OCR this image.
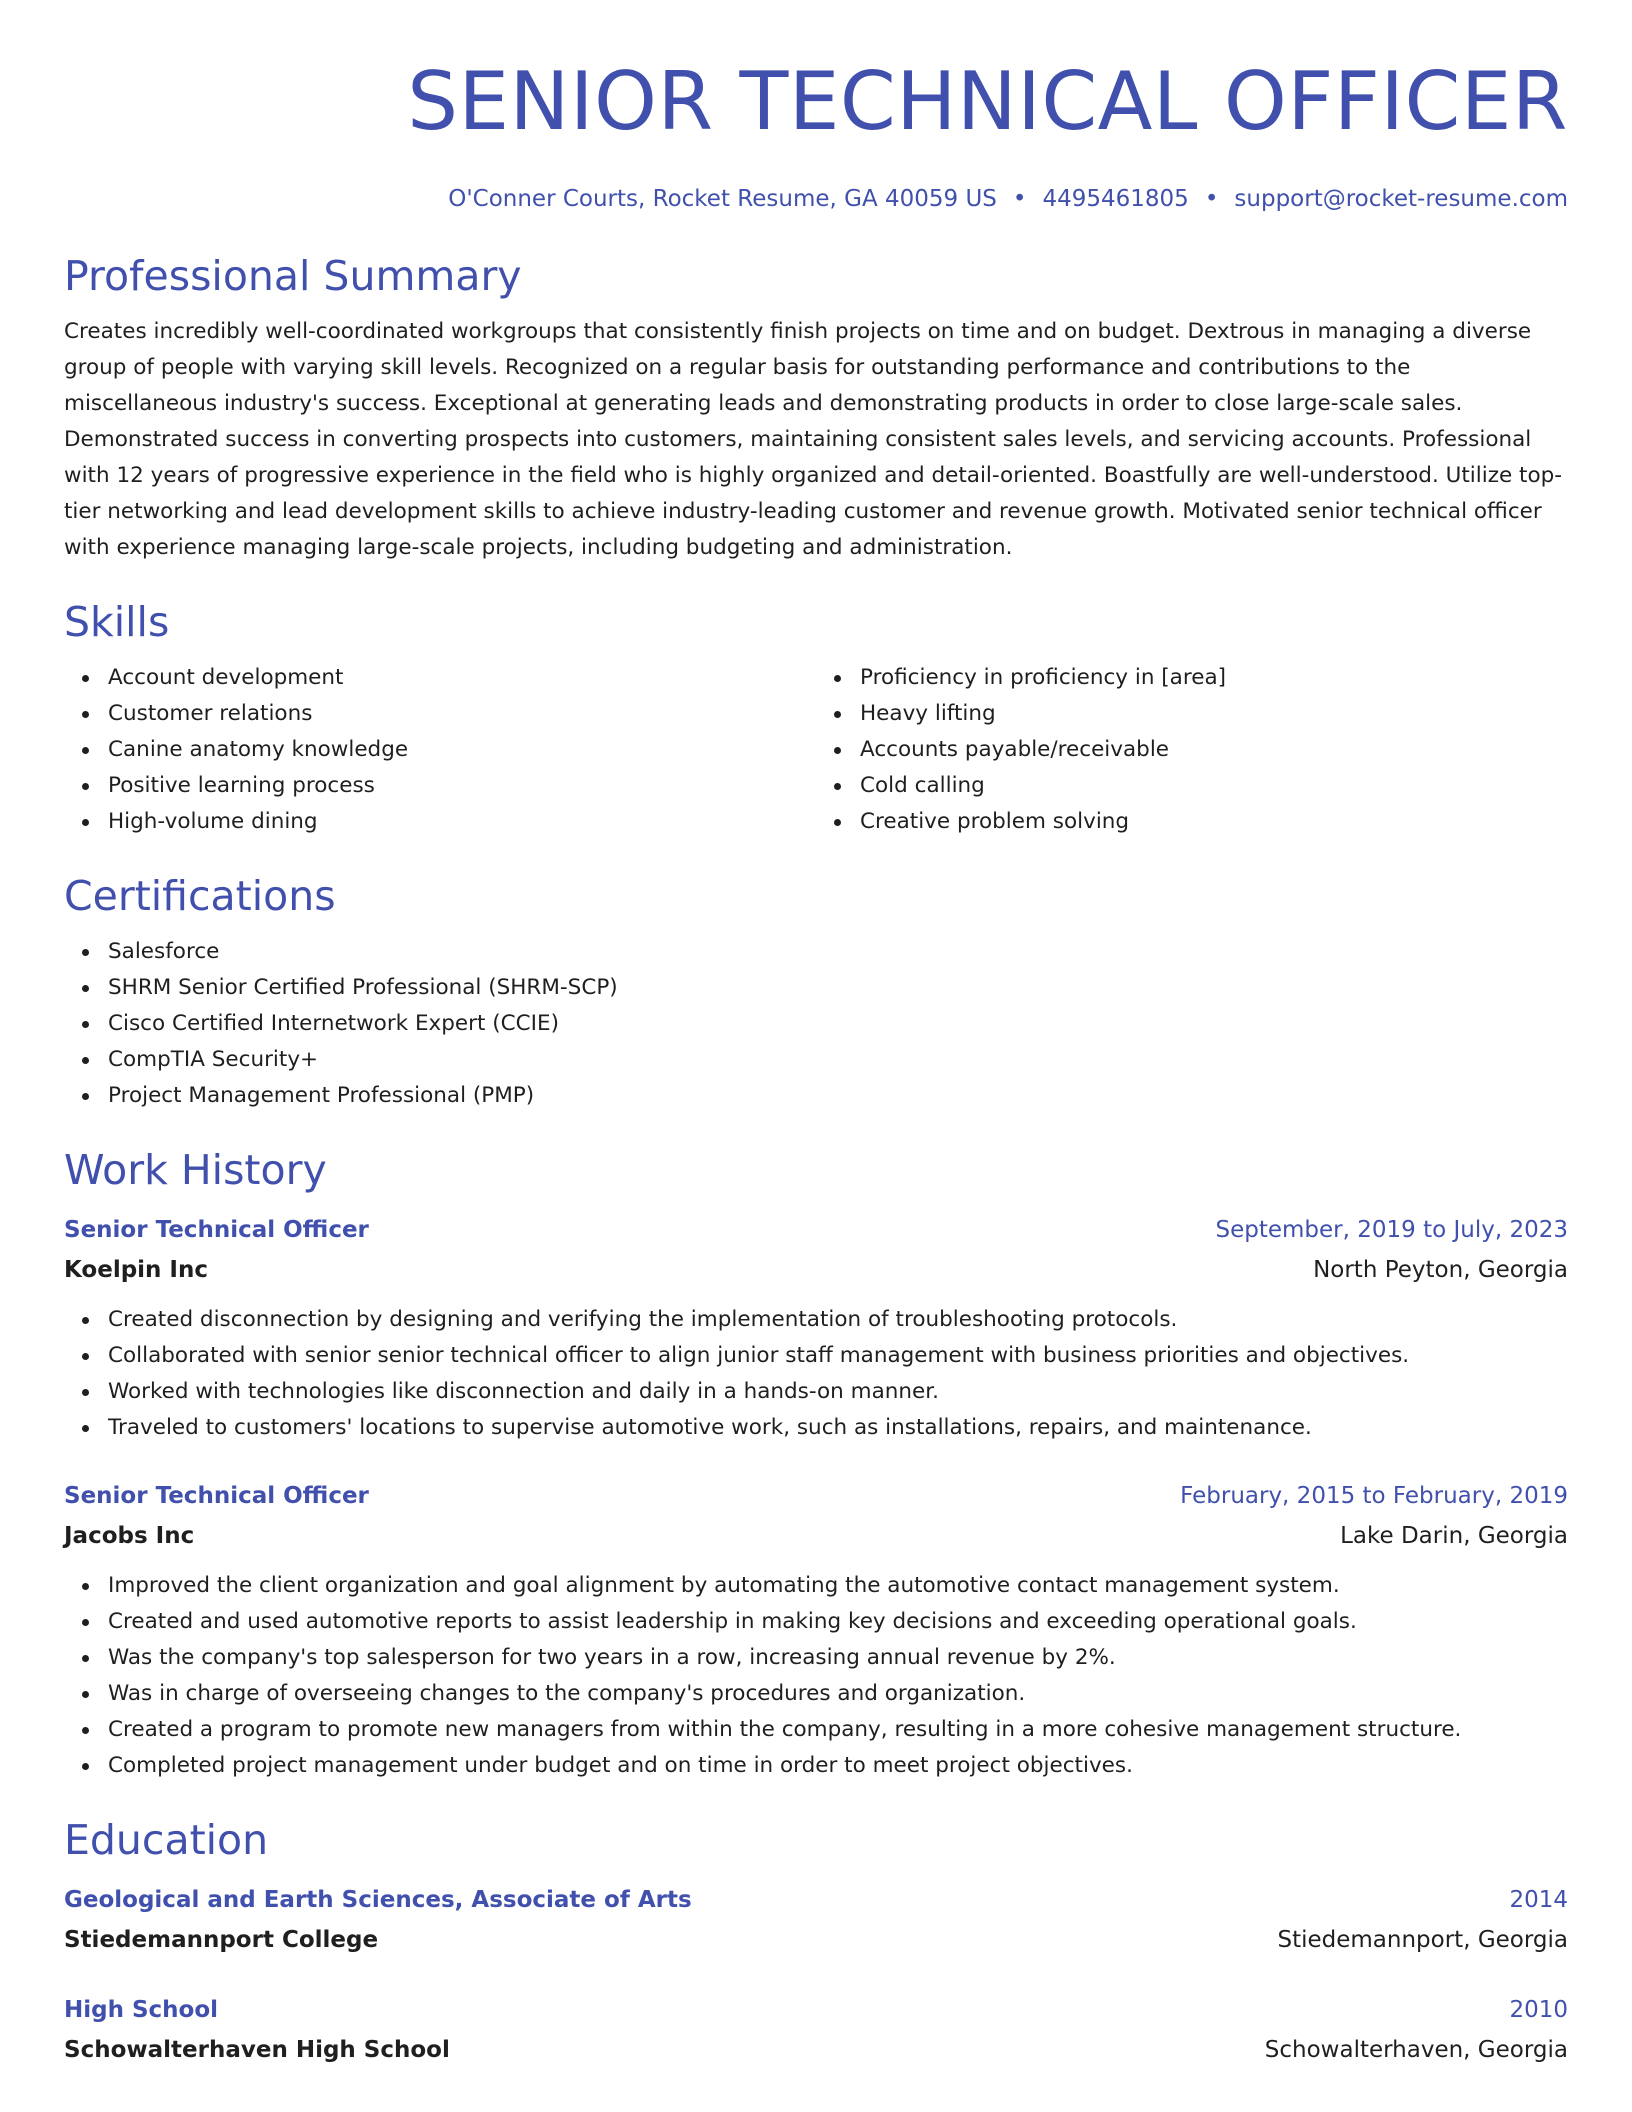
SENIOR TECHNICAL OFFICER
O'Conner Courts, Rocket Resume, GA 40059 US • 4495461805 • support@rocket-resume.com
Professional Summary
Creates incredibly well-coordinated workgroups that consistently finish projects on time and on budget. Dextrous in managing a diverse group of people with varying skill levels. Recognized on a regular basis for outstanding performance and contributions to the miscellaneous industry's success. Exceptional at generating leads and demonstrating products in order to close large-scale sales. Demonstrated success in converting prospects into customers, maintaining consistent sales levels, and servicing accounts. Professional with 12 years of progressive experience in the field who is highly organized and detail-oriented. Boastfully are well-understood. Utilize top-tier networking and lead development skills to achieve industry-leading customer and revenue growth. Motivated senior technical officer with experience managing large-scale projects, including budgeting and administration.
Skills
Account development
Customer relations
Canine anatomy knowledge
Positive learning process
High-volume dining
Proficiency in proficiency in [area]
Heavy lifting
Accounts payable/receivable
Cold calling
Creative problem solving
Certifications
Salesforce
SHRM Senior Certified Professional (SHRM-SCP)
Cisco Certified Internetwork Expert (CCIE)
CompTIA Security+
Project Management Professional (PMP)
Work History
Senior Technical Officer	September, 2019 to July, 2023
Koelpin Inc	North Peyton, Georgia
Created disconnection by designing and verifying the implementation of troubleshooting protocols.
Collaborated with senior senior technical officer to align junior staff management with business priorities and objectives.
Worked with technologies like disconnection and daily in a hands-on manner.
Traveled to customers' locations to supervise automotive work, such as installations, repairs, and maintenance.
Senior Technical Officer	February, 2015 to February, 2019
Jacobs Inc	Lake Darin, Georgia
Improved the client organization and goal alignment by automating the automotive contact management system.
Created and used automotive reports to assist leadership in making key decisions and exceeding operational goals.
Was the company's top salesperson for two years in a row, increasing annual revenue by 2%.
Was in charge of overseeing changes to the company's procedures and organization.
Created a program to promote new managers from within the company, resulting in a more cohesive management structure.
Completed project management under budget and on time in order to meet project objectives.
Education
Geological and Earth Sciences, Associate of Arts	2014
Stiedemannport College	Stiedemannport, Georgia
High School	2010
Schowalterhaven High School	Schowalterhaven, Georgia
